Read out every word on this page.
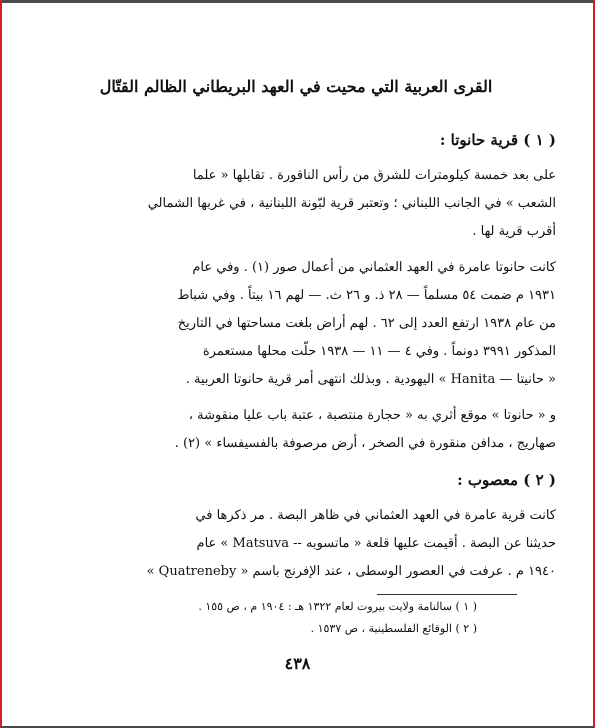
القرى العربية التي محيت في العهد البريطاني الظالم القتّال
( ١ ) قرية حانوتا :
على بعد خمسة كيلومترات للشرق من رأس الناقورة . تقابلها « علما
الشعب » في الجانب اللبناني ؛ وتعتبر قرية لبّونة اللبنانية ، في غربها الشمالي
أقرب قرية لها .
كانت حانوتا عامرة في العهد العثماني من أعمال صور (١) . وفي عام
١٩٣١ م ضمت ٥٤ مسلماً — ٢٨ ذ. و ٢٦ ث. — لهم ١٦ بيتاً . وفي شباط
من عام ١٩٣٨ ارتفع العدد إلى ٦٢ . لهم أراض بلغت مساحتها في التاريخ
المذكور ٣٩٩١ دونماً . وفي ٤ — ١١ — ١٩٣٨ حلّت محلها مستعمرة
« حانيتا — Hanita » اليهودية . وبذلك انتهى أمر قرية حانوتا العربية .
و « حانوتا » موقع أثري به « حجارة منتصبة ، عتبة باب عليا منقوشة ،
صهاريج ، مدافن منقورة في الصخر ، أرض مرصوفة بالفسيفساء » (٢) .
( ٢ ) معصوب :
كانت قرية عامرة في العهد العثماني في ظاهر البصة . مر ذكرها في
حديثنا عن البصة . أقيمت عليها قلعة « ماتسوبه -- Matsuva » عام
١٩٤٠ م . عرفت في العصور الوسطى ، عند الإفرنج باسم « Quatreneby »
( ١ ) سالنامة ولايت بيروت لعام ١٣٢٢ هـ : ١٩٠٤ م ، ص ١٥٥ .
( ٢ ) الوقائع الفلسطينية ، ص ١٥٣٧ .
٤٣٨
